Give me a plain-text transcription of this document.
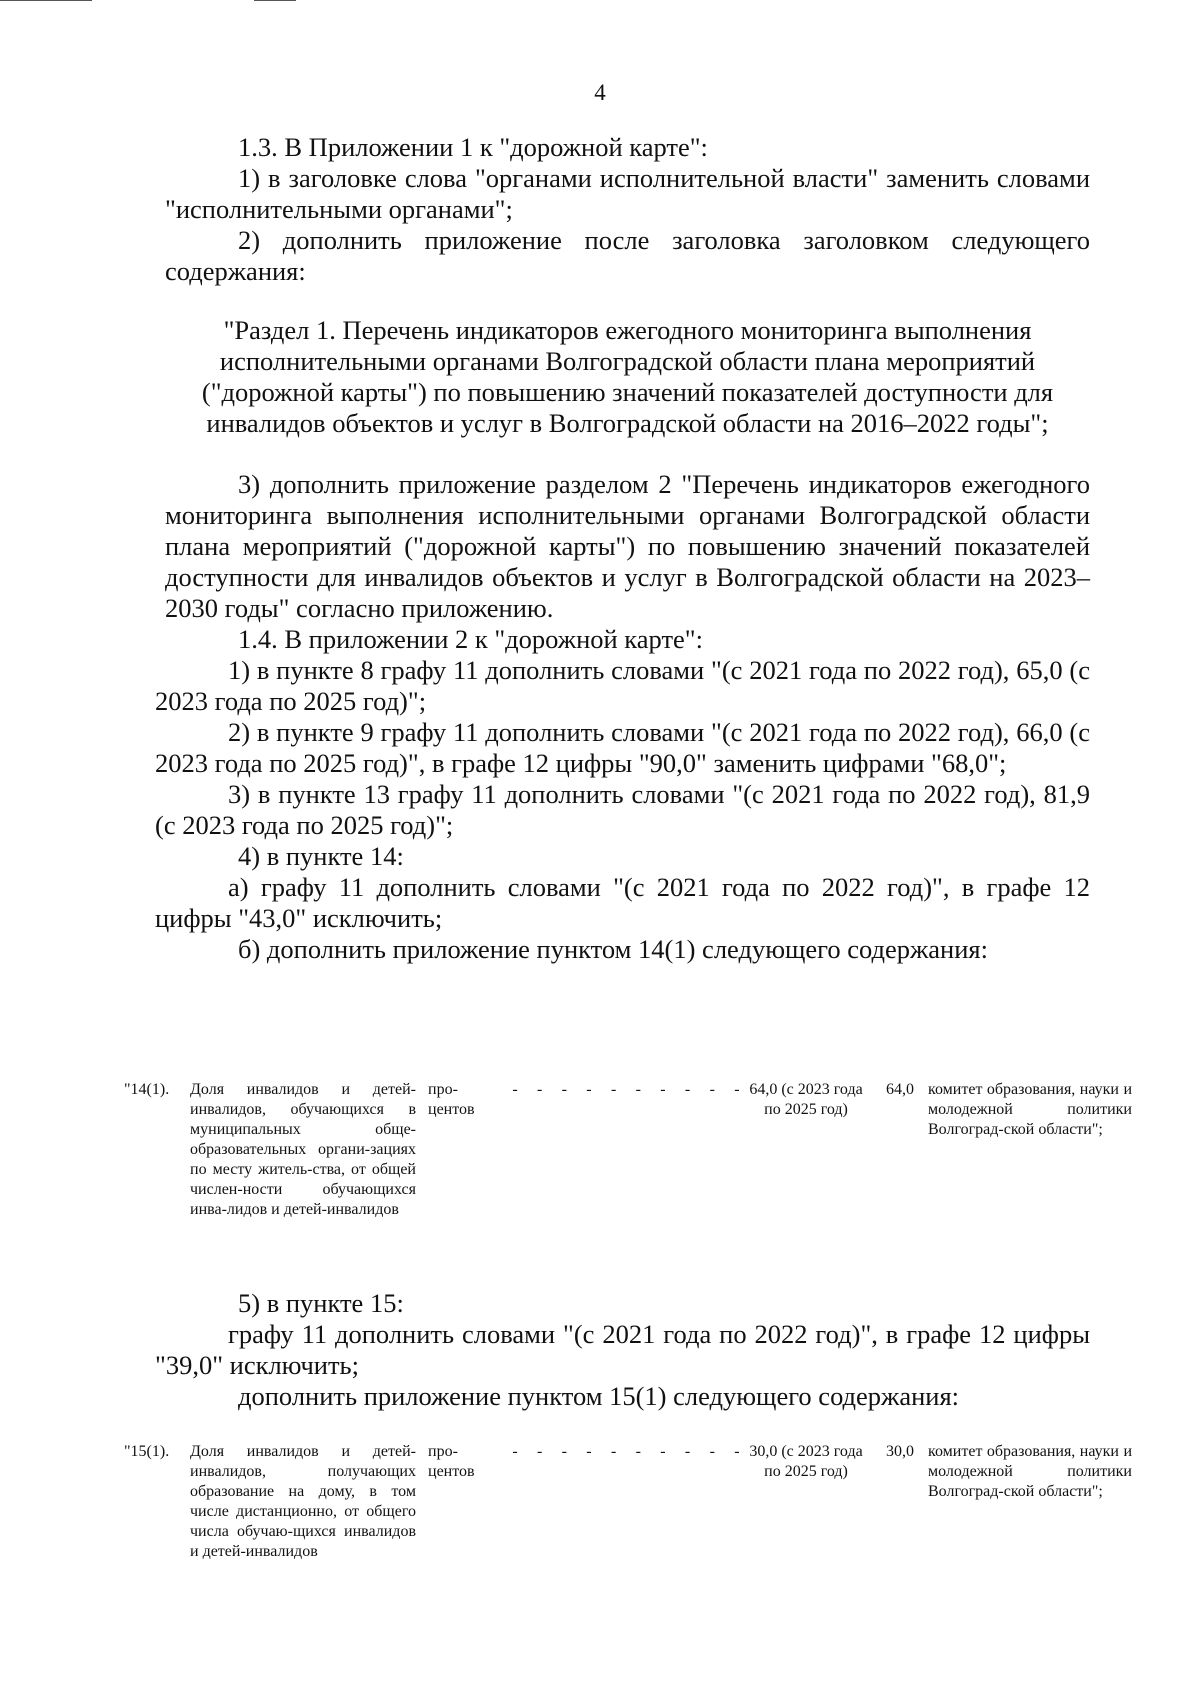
4

1.3. В Приложении 1 к "дорожной карте":

1) в заголовке слова "органами исполнительной власти" заменить словами "исполнительными органами";

2) дополнить приложение после заголовка заголовком следующего содержания:

"Раздел 1. Перечень индикаторов ежегодного мониторинга выполнения исполнительными органами Волгоградской области плана мероприятий ("дорожной карты") по повышению значений показателей доступности для инвалидов объектов и услуг в Волгоградской области на 2016–2022 годы";

3) дополнить приложение разделом 2 "Перечень индикаторов ежегодного мониторинга выполнения исполнительными органами Волгоградской области плана мероприятий ("дорожной карты") по повышению значений показателей доступности для инвалидов объектов и услуг в Волгоградской области на 2023–2030 годы" согласно приложению.

1.4. В приложении 2 к "дорожной карте":

1) в пункте 8 графу 11 дополнить словами "(с 2021 года по 2022 год), 65,0 (с 2023 года по 2025 год)";

2) в пункте 9 графу 11 дополнить словами "(с 2021 года по 2022 год), 66,0 (с 2023 года по 2025 год)", в графе 12 цифры "90,0" заменить цифрами "68,0";

3) в пункте 13 графу 11 дополнить словами "(с 2021 года по 2022 год), 81,9 (с 2023 года по 2025 год)";

4) в пункте 14:

а) графу 11 дополнить словами "(с 2021 года по 2022 год)", в графе 12 цифры "43,0" исключить;

б) дополнить приложение пунктом 14(1) следующего содержания:

"14(1).	Доля инвалидов и детей-инвалидов, обучающихся в муниципальных обще-образовательных органи-зациях по месту житель-ства, от общей числен-ности обучающихся инва-лидов и детей-инвалидов
про-центов
- - - - - - - - - - 64,0 (с 2023 года по 2025 год)
64,0 комитет образования, науки и молодежной политики Волгоград-ской области";

5) в пункте 15:

графу 11 дополнить словами "(с 2021 года по 2022 год)", в графе 12 цифры "39,0" исключить;

дополнить приложение пунктом 15(1) следующего содержания:

"15(1).	Доля инвалидов и детей-инвалидов, получающих образование на дому, в том числе дистанционно, от общего числа обучаю-щихся инвалидов и детей-инвалидов
про-центов
- - - - - - - - - - 30,0 (с 2023 года по 2025 год)
30,0 комитет образования, науки и молодежной политики Волгоград-ской области";
